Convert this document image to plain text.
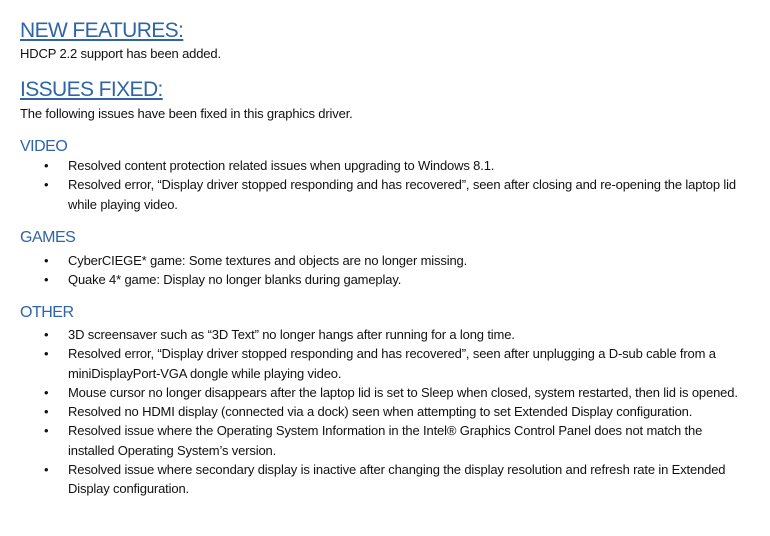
NEW FEATURES:

HDCP 2.2 support has been added.

ISSUES FIXED:

The following issues have been fixed in this graphics driver.

VIDEO
• Resolved content protection related issues when upgrading to Windows 8.1.
• Resolved error, “Display driver stopped responding and has recovered”, seen after closing and re-opening the laptop lid while playing video.
GAMES
• CyberCIEGE* game: Some textures and objects are no longer missing.
• Quake 4* game: Display no longer blanks during gameplay.
OTHER
• 3D screensaver such as “3D Text” no longer hangs after running for a long time.
• Resolved error, “Display driver stopped responding and has recovered”, seen after unplugging a D-sub cable from a miniDisplayPort-VGA dongle while playing video.
• Mouse cursor no longer disappears after the laptop lid is set to Sleep when closed, system restarted, then lid is opened.
• Resolved no HDMI display (connected via a dock) seen when attempting to set Extended Display configuration.
• Resolved issue where the Operating System Information in the Intel® Graphics Control Panel does not match the installed Operating System’s version.
• Resolved issue where secondary display is inactive after changing the display resolution and refresh rate in Extended Display configuration.
